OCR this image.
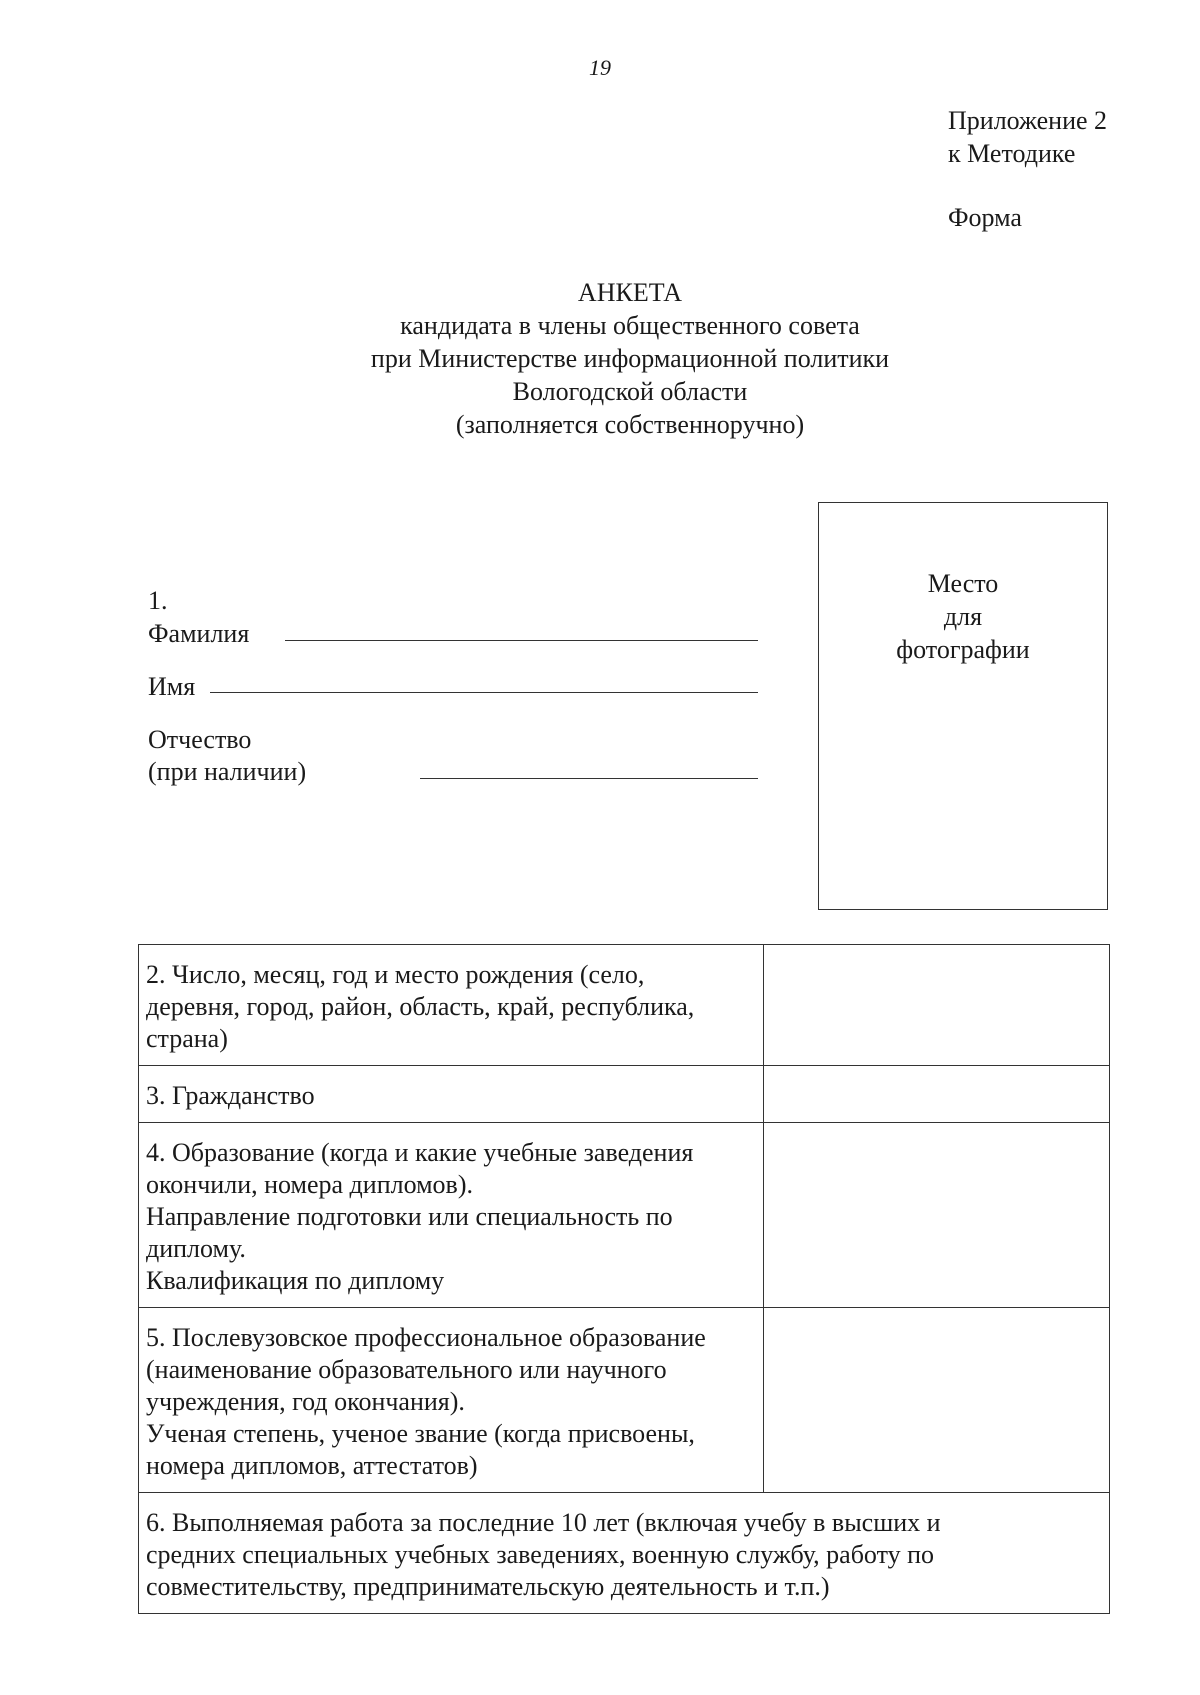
19
Приложение 2
к Методике
Форма
АНКЕТА
кандидата в члены общественного совета
при Министерстве информационной политики
Вологодской области
(заполняется собственноручно)
Место
для
фотографии
1.
Фамилия
Имя
Отчество
(при наличии)
2. Число, месяц, год и место рождения (село,
деревня, город, район, область, край, республика,
страна)	
3. Гражданство	
4. Образование (когда и какие учебные заведения
окончили, номера дипломов).
Направление подготовки или специальность по
диплому.
Квалификация по диплому	
5. Послевузовское профессиональное образование
(наименование образовательного или научного
учреждения, год окончания).
Ученая степень, ученое звание (когда присвоены,
номера дипломов, аттестатов)	
6. Выполняемая работа за последние 10 лет (включая учебу в высших и
средних специальных учебных заведениях, военную службу, работу по
совместительству, предпринимательскую деятельность и т.п.)	
